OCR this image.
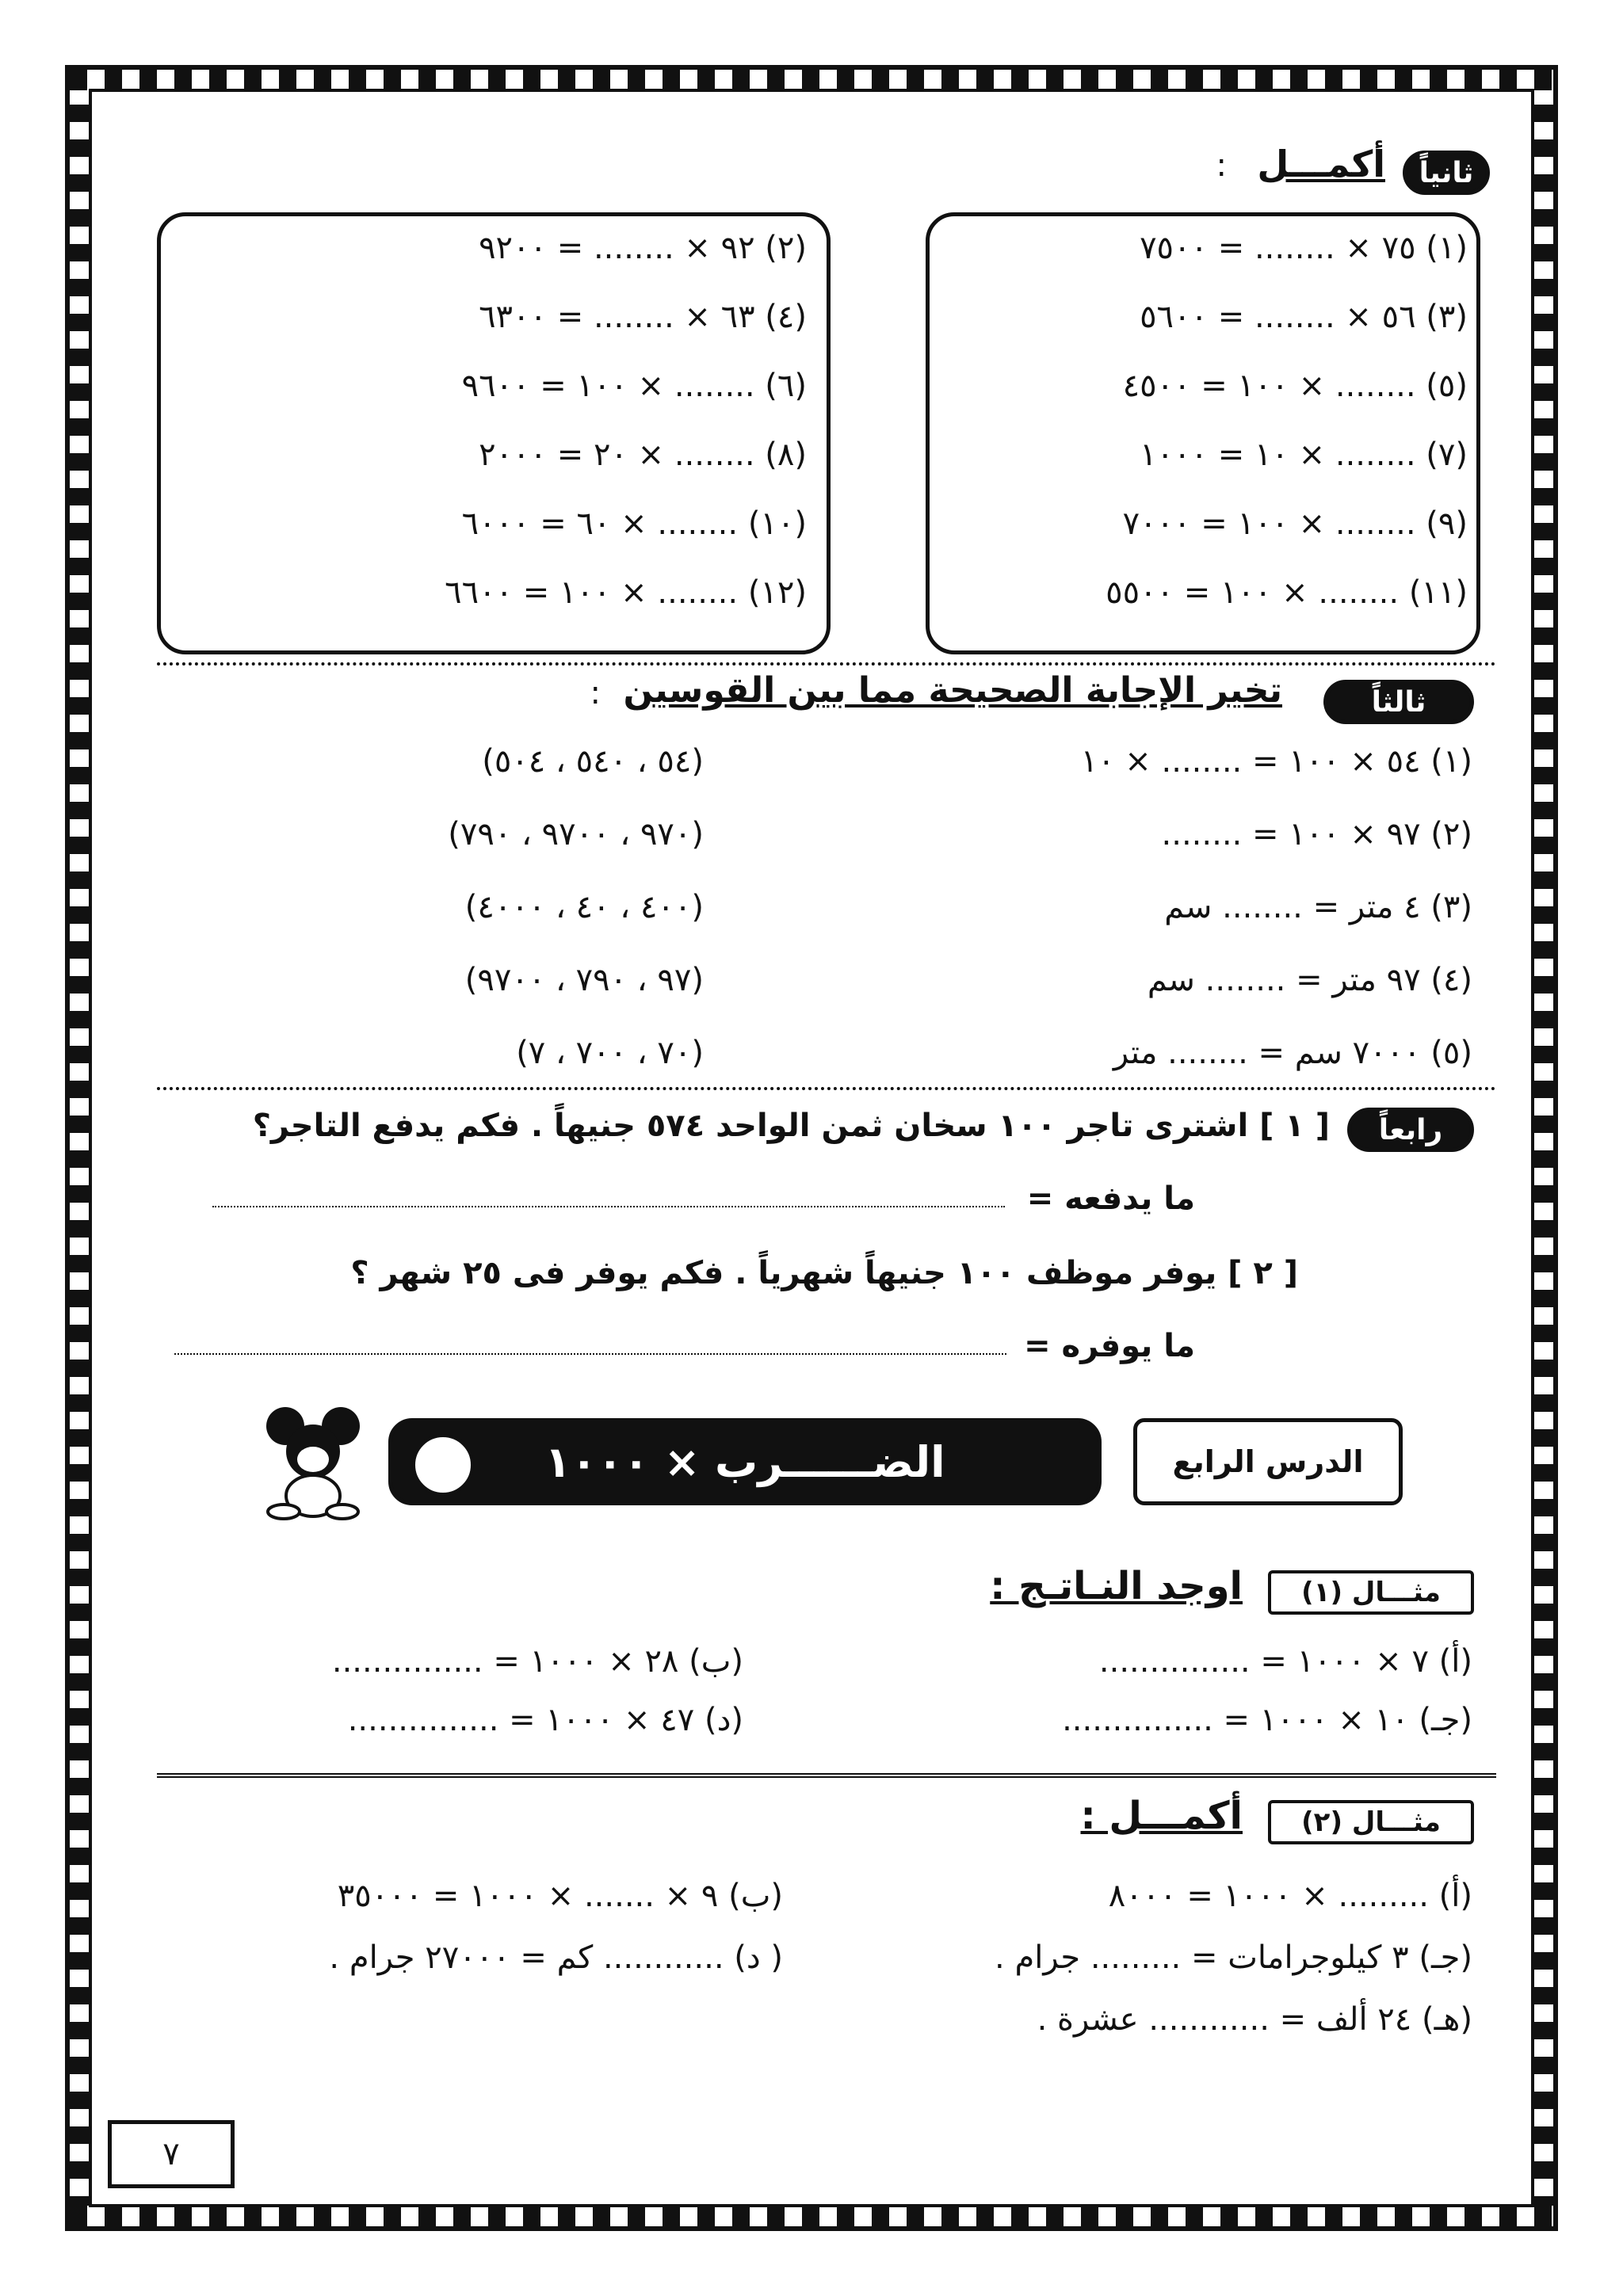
ثانياً
أكمـــل
:
(١) ٧٥ × ........ = ٧٥٠٠
(٣) ٥٦ × ........ = ٥٦٠٠
(٥) ........ × ١٠٠ = ٤٥٠٠
(٧) ........ × ١٠ = ١٠٠٠
(٩) ........ × ١٠٠ = ٧٠٠٠
(١١) ........ × ١٠٠ = ٥٥٠٠
(٢) ٩٢ × ........ = ٩٢٠٠
(٤) ٦٣ × ........ = ٦٣٠٠
(٦) ........ × ١٠٠ = ٩٦٠٠
(٨) ........ × ٢٠ = ٢٠٠٠
(١٠) ........ × ٦٠ = ٦٠٠٠
(١٢) ........ × ١٠٠ = ٦٦٠٠
ثالثاً
تخير الإجابة الصحيحة مما بين القوسين
:
(١) ٥٤ × ١٠٠ = ........ × ١٠
(٥٤ ، ٥٤٠ ، ٥٠٤)
(٢) ٩٧ × ١٠٠ = ........
(٩٧٠ ، ٩٧٠٠ ، ٧٩٠)
(٣) ٤ متر = ........ سم
(٤٠٠ ، ٤٠ ، ٤٠٠٠)
(٤) ٩٧ متر = ........ سم
(٩٧ ، ٧٩٠ ، ٩٧٠٠)
(٥) ٧٠٠٠ سم = ........ متر
(٧٠ ، ٧٠٠ ، ٧)
رابعاً
[ ١ ] اشترى تاجر ١٠٠ سخان ثمن الواحد ٥٧٤ جنيهاً . فكم يدفع التاجر؟
ما يدفعه =
[ ٢ ] يوفر موظف ١٠٠ جنيهاً شهرياً . فكم يوفر فى ٢٥ شهر ؟
ما يوفره =
الدرس الرابع
الضــــــرب × ١٠٠٠
مثـــال (١)
اوجد النـاتـج :
(أ) ٧ × ١٠٠٠ = ...............
(ب) ٢٨ × ١٠٠٠ = ...............
(جـ) ١٠ × ١٠٠٠ = ...............
(د) ٤٧ × ١٠٠٠ = ...............
مثـــال (٢)
أكمـــل :
(أ) ......... × ١٠٠٠ = ٨٠٠٠
(ب) ٩ × ....... × ١٠٠٠ = ٣٥٠٠٠
(جـ) ٣ كيلوجرامات = ......... جرام .
( د) ............ كم = ٢٧٠٠٠ جرام .
(هـ) ٢٤ ألف = ............ عشرة .
٧
